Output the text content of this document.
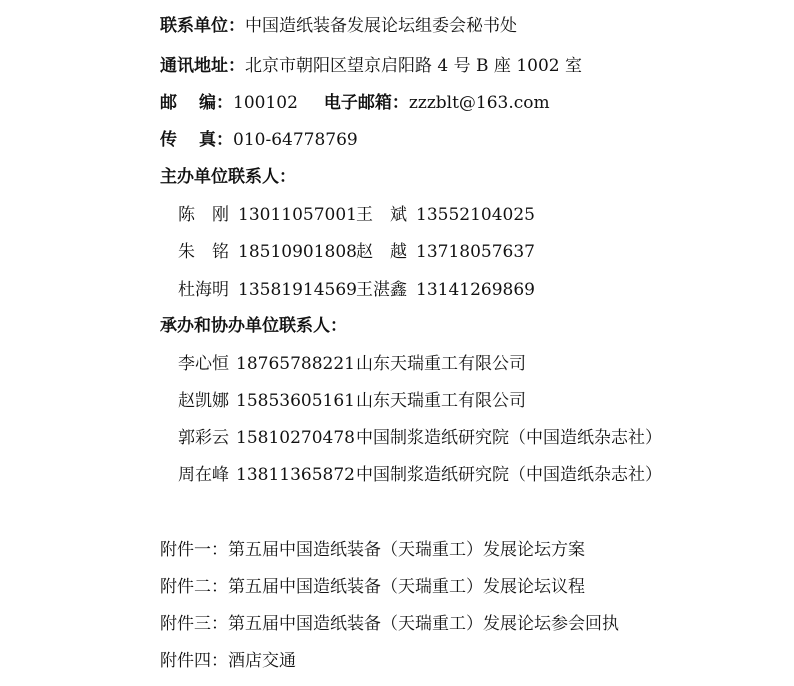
联系单位：中国造纸装备发展论坛组委会秘书处
通讯地址：北京市朝阳区望京启阳路 4 号 B 座 1002 室
邮 编：100102 电子邮箱：zzzblt@163.com
传 真：010-64778769
主办单位联系人：
陈　刚 13011057001王　斌 13552104025
朱　铭 18510901808赵　越 13718057637
杜海明 13581914569王湛鑫 13141269869
承办和协办单位联系人：
李心恒 18765788221山东天瑞重工有限公司
赵凯娜 15853605161山东天瑞重工有限公司
郭彩云 15810270478中国制浆造纸研究院（中国造纸杂志社）
周在峰 13811365872中国制浆造纸研究院（中国造纸杂志社）
附件一：第五届中国造纸装备（天瑞重工）发展论坛方案
附件二：第五届中国造纸装备（天瑞重工）发展论坛议程
附件三：第五届中国造纸装备（天瑞重工）发展论坛参会回执
附件四：酒店交通
